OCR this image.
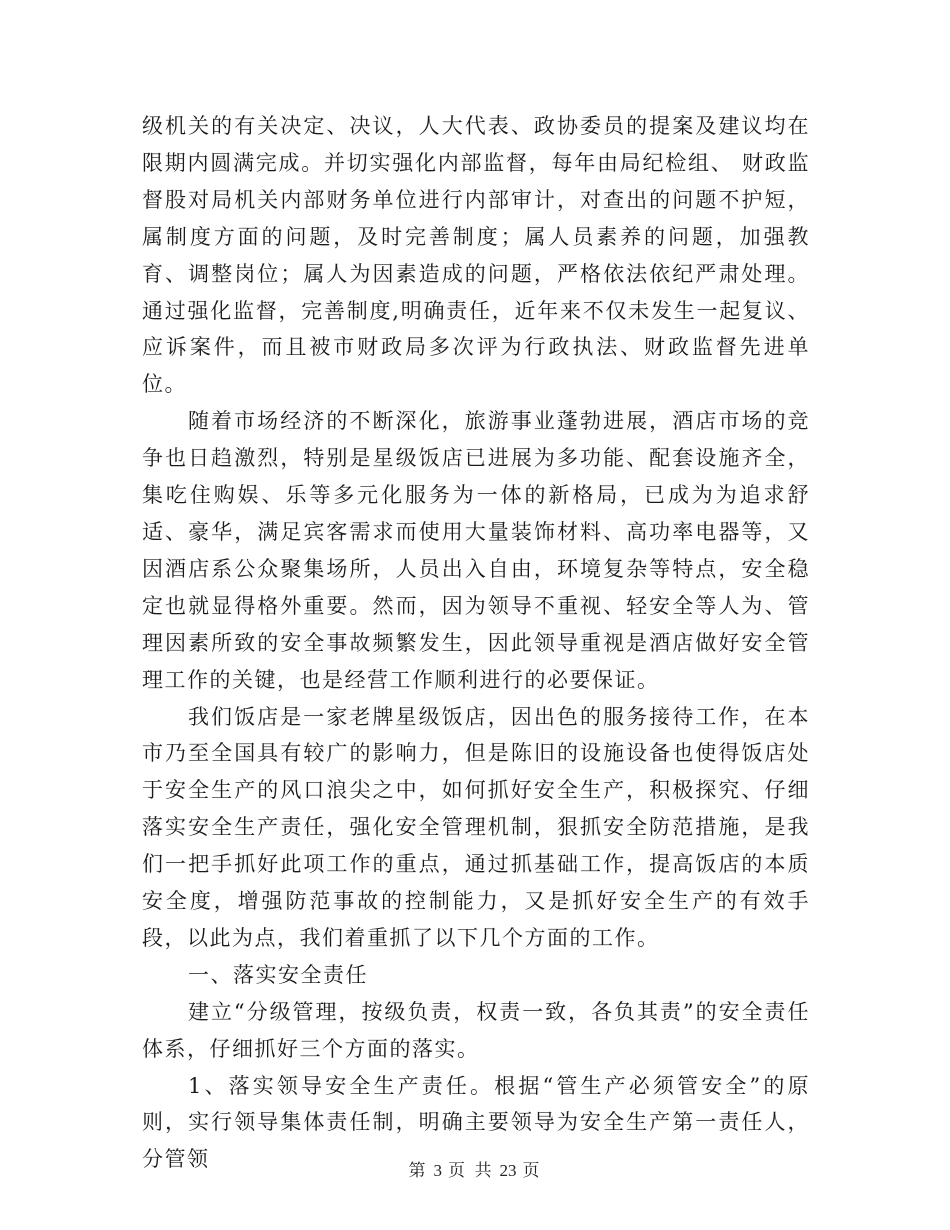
级机关的有关决定、决议，人大代表、政协委员的提案及建议均在限期内圆满完成。并切实强化内部监督，每年由局纪检组、 财政监督股对局机关内部财务单位进行内部审计，对查出的问题不护短，属制度方面的问题，及时完善制度；属人员素养的问题，加强教育、调整岗位；属人为因素造成的问题，严格依法依纪严肃处理。通过强化监督，完善制度,明确责任，近年来不仅未发生一起复议、应诉案件，而且被市财政局多次评为行政执法、财政监督先进单位。

随着市场经济的不断深化，旅游事业蓬勃进展，酒店市场的竞争也日趋激烈，特别是星级饭店已进展为多功能、配套设施齐全，集吃住购娱、乐等多元化服务为一体的新格局，已成为为追求舒适、豪华，满足宾客需求而使用大量装饰材料、高功率电器等，又因酒店系公众聚集场所，人员出入自由，环境复杂等特点，安全稳定也就显得格外重要。然而，因为领导不重视、轻安全等人为、管理因素所致的安全事故频繁发生，因此领导重视是酒店做好安全管理工作的关键，也是经营工作顺利进行的必要保证。

我们饭店是一家老牌星级饭店，因出色的服务接待工作，在本市乃至全国具有较广的影响力，但是陈旧的设施设备也使得饭店处于安全生产的风口浪尖之中，如何抓好安全生产，积极探究、仔细落实安全生产责任，强化安全管理机制，狠抓安全防范措施，是我们一把手抓好此项工作的重点，通过抓基础工作，提高饭店的本质安全度，增强防范事故的控制能力，又是抓好安全生产的有效手段，以此为点，我们着重抓了以下几个方面的工作。

一、落实安全责任

建立“分级管理，按级负责，权责一致，各负其责”的安全责任体系，仔细抓好三个方面的落实。

1、落实领导安全生产责任。根据“管生产必须管安全”的原则，实行领导集体责任制，明确主要领导为安全生产第一责任人，分管领	第 3 页 共 23 页
